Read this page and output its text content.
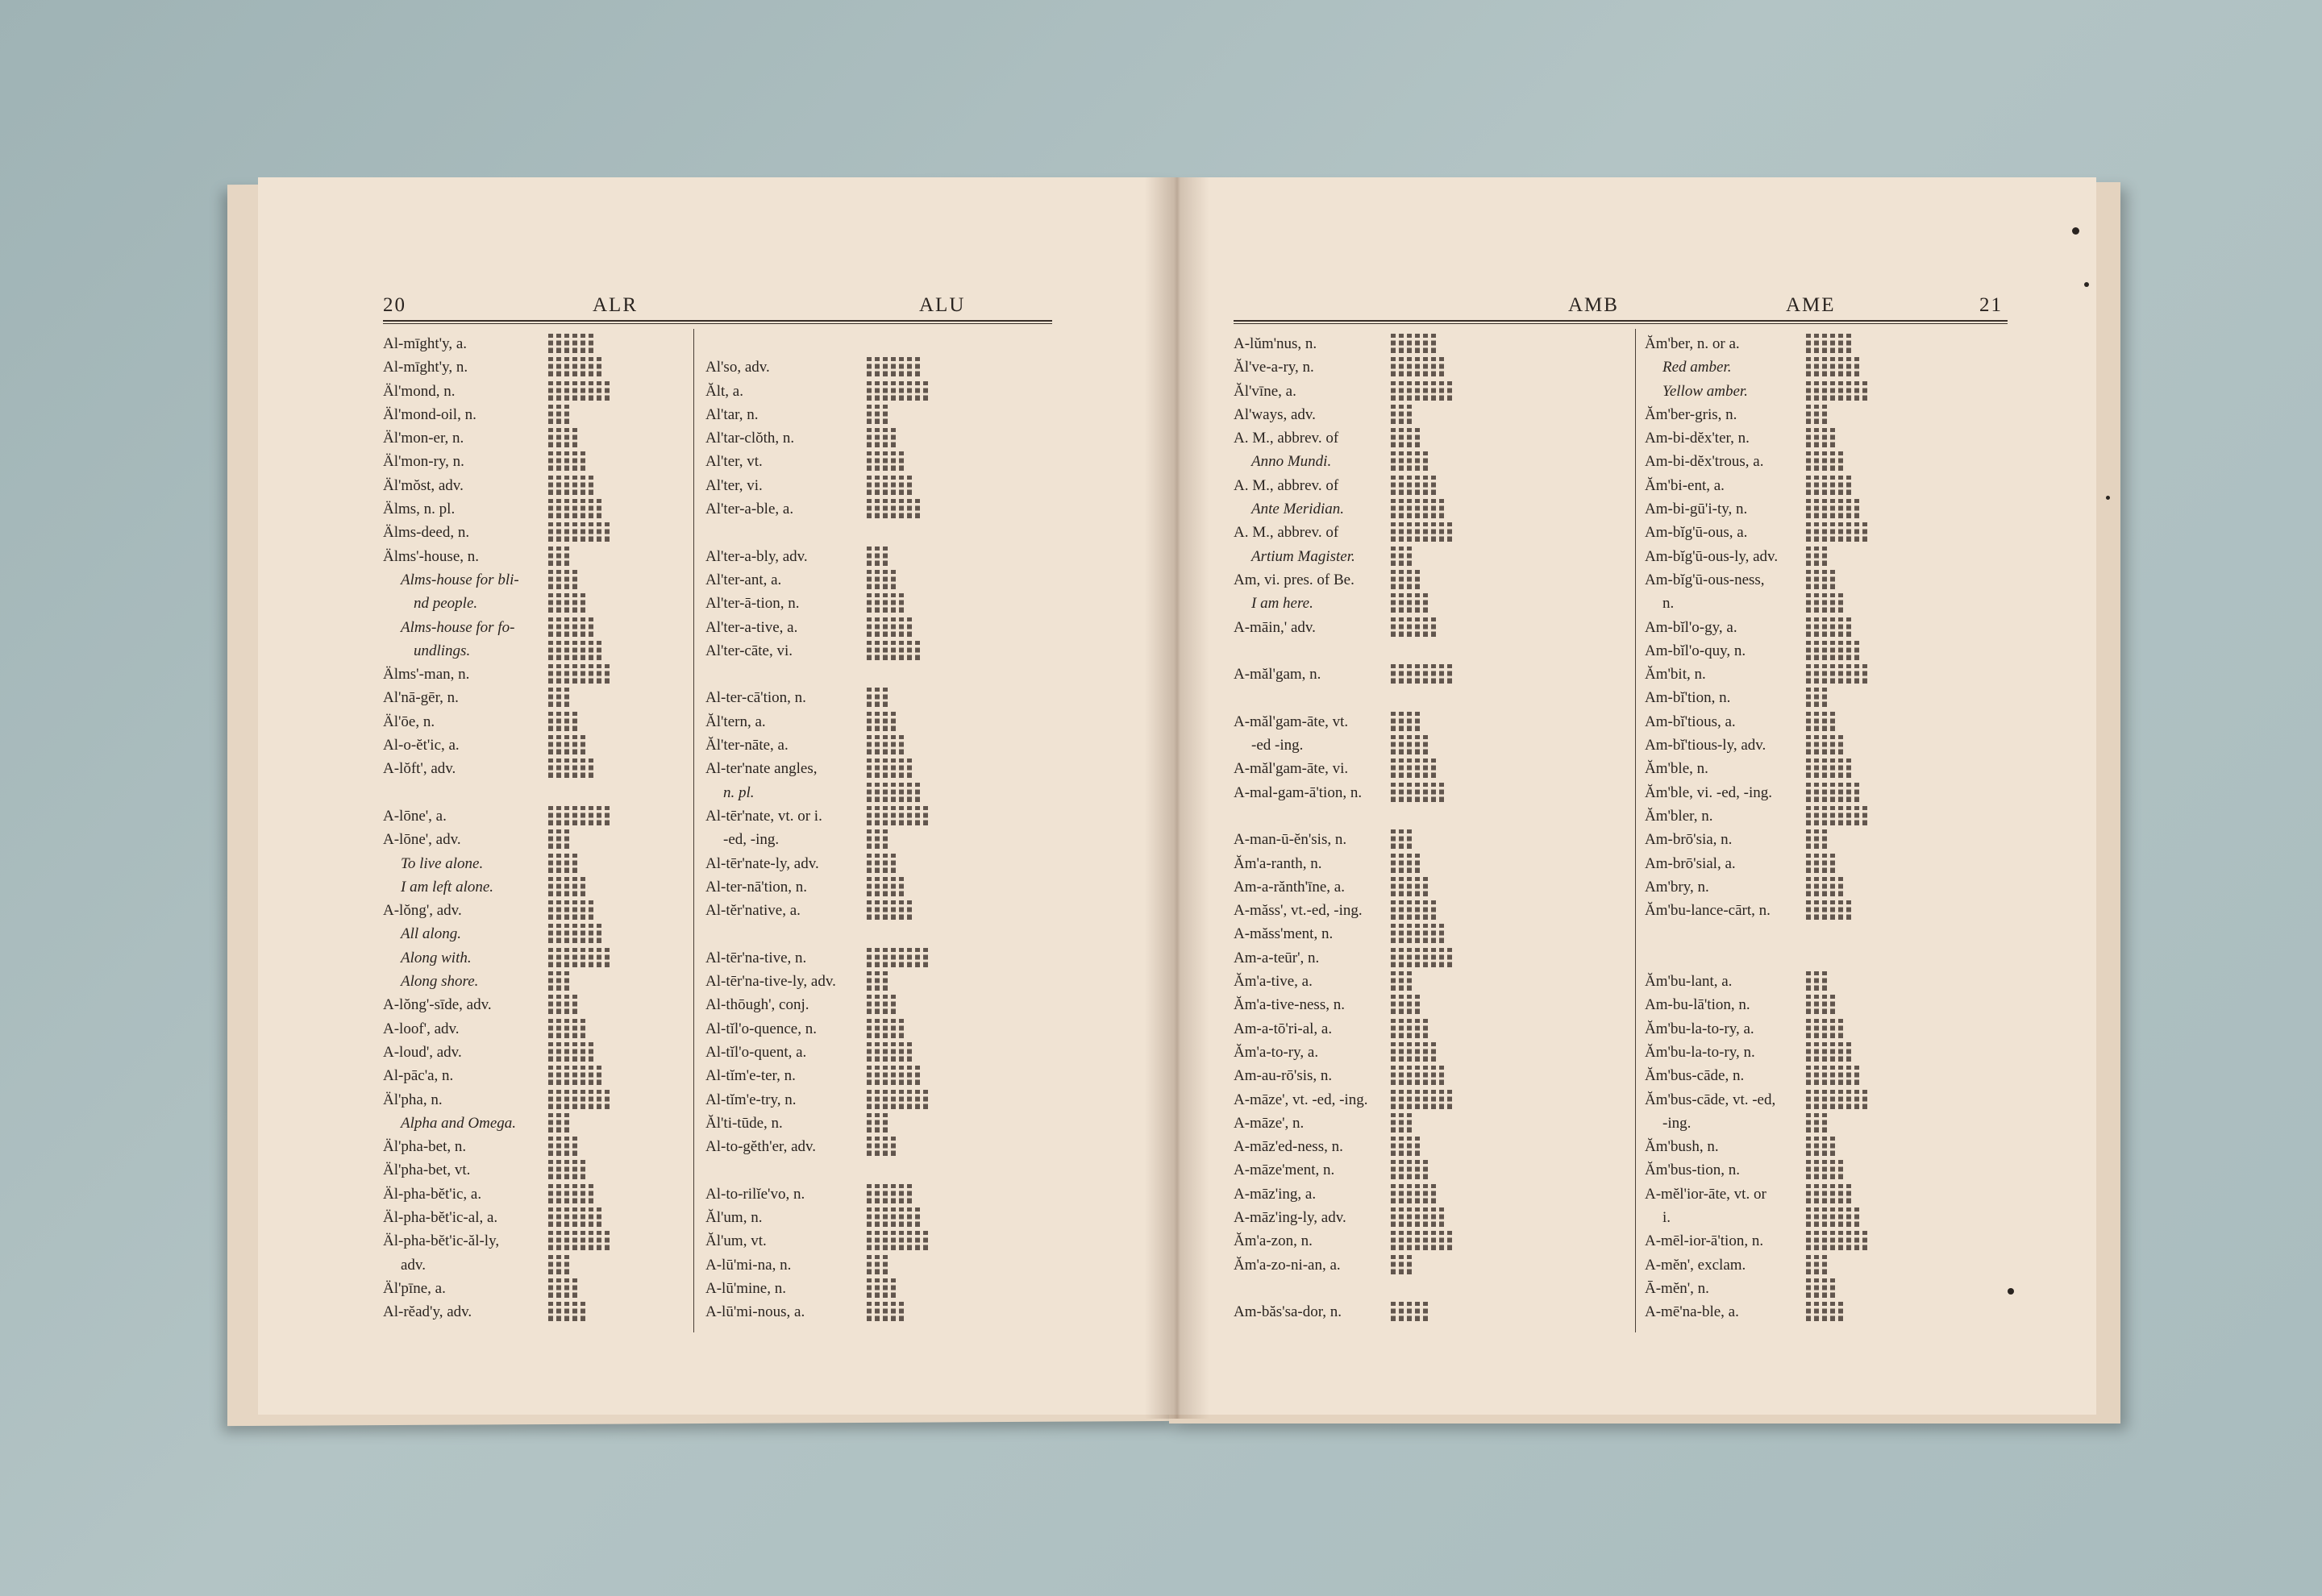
20	ALR	ALU
Al-mīght'y, a.
Al-mīght'y, n.
Äl'mond, n.
Äl'mond-oil, n.
Äl'mon-er, n.
Äl'mon-ry, n.
Äl'mŏst, adv.
Älms, n. pl.
Älms-deed, n.
Älms'-house, n.
Alms-house for bli-
nd people.
Alms-house for fo-
undlings.
Älms'-man, n.
Al'nā-gēr, n.
Äl'ōe, n.
Al-o-ĕt'ic, a.
A-lŏft', adv.
A-lōne', a.
A-lōne', adv.
To live alone.
I am left alone.
A-lŏng', adv.
All along.
Along with.
Along shore.
A-lŏng'-sīde, adv.
A-loof', adv.
A-loud', adv.
Al-pāc'a, n.
Äl'pha, n.
Alpha and Omega.
Äl'pha-bet, n.
Äl'pha-bet, vt.
Äl-pha-bĕt'ic, a.
Äl-pha-bĕt'ic-al, a.
Äl-pha-bĕt'ic-ăl-ly,
adv.
Äl'pīne, a.
Al-rĕad'y, adv.
Al'so, adv.
Ălt, a.
Al'tar, n.
Al'tar-clŏth, n.
Al'ter, vt.
Al'ter, vi.
Al'ter-a-ble, a.
Al'ter-a-bly, adv.
Al'ter-ant, a.
Al'ter-ā-tion, n.
Al'ter-a-tive, a.
Al'ter-cāte, vi.
Al-ter-cā'tion, n.
Ăl'tern, a.
Ăl'ter-nāte, a.
Al-ter'nate angles,
n. pl.
Al-tēr'nate, vt. or i.
-ed, -ing.
Al-tēr'nate-ly, adv.
Al-ter-nā'tion, n.
Al-tĕr'native, a.
Al-tēr'na-tive, n.
Al-tēr'na-tive-ly, adv.
Al-thōugh', conj.
Al-tĭl'o-quence, n.
Al-tĭl'o-quent, a.
Al-tĭm'e-ter, n.
Al-tĭm'e-try, n.
Ăl'ti-tūde, n.
Al-to-gĕth'er, adv.
Al-to-rilĭe'vo, n.
Ăl'um, n.
Ăl'um, vt.
A-lū'mi-na, n.
A-lū'mine, n.
A-lū'mi-nous, a.
AMB	AME	21
A-lŭm'nus, n.
Ăl've-a-ry, n.
Ăl'vīne, a.
Al'ways, adv.
A. M., abbrev. of
Anno Mundi.
A. M., abbrev. of
Ante Meridian.
A. M., abbrev. of
Artium Magister.
Am, vi. pres. of Be.
I am here.
A-māin,' adv.
A-măl'gam, n.
A-măl'gam-āte, vt.
-ed -ing.
A-măl'gam-āte, vi.
A-mal-gam-ā'tion, n.
A-man-ū-ĕn'sis, n.
Ăm'a-ranth, n.
Am-a-rănth'īne, a.
A-măss', vt.-ed, -ing.
A-măss'ment, n.
Am-a-teūr', n.
Ăm'a-tive, a.
Ăm'a-tive-ness, n.
Am-a-tō'ri-al, a.
Ăm'a-to-ry, a.
Am-au-rō'sis, n.
A-māze', vt. -ed, -ing.
A-māze', n.
A-māz'ed-ness, n.
A-māze'ment, n.
A-māz'ing, a.
A-māz'ing-ly, adv.
Ăm'a-zon, n.
Ăm'a-zo-ni-an, a.
Am-băs'sa-dor, n.
Ăm'ber, n. or a.
Red amber.
Yellow amber.
Ăm'ber-gris, n.
Am-bi-dĕx'ter, n.
Am-bi-dĕx'trous, a.
Ăm'bi-ent, a.
Am-bi-gū'i-ty, n.
Am-bĭg'ū-ous, a.
Am-bĭg'ū-ous-ly, adv.
Am-bĭg'ū-ous-ness,
n.
Am-bĭl'o-gy, a.
Am-bĭl'o-quy, n.
Ăm'bit, n.
Am-bĭ'tion, n.
Am-bĭ'tious, a.
Am-bĭ'tious-ly, adv.
Ăm'ble, n.
Ăm'ble, vi. -ed, -ing.
Ăm'bler, n.
Am-brō'sia, n.
Am-brō'sial, a.
Am'bry, n.
Ăm'bu-lance-cārt, n.
Ăm'bu-lant, a.
Am-bu-lā'tion, n.
Ăm'bu-la-to-ry, a.
Ăm'bu-la-to-ry, n.
Ăm'bus-cāde, n.
Ăm'bus-cāde, vt. -ed,
-ing.
Ăm'bush, n.
Ăm'bus-tion, n.
A-mĕl'ior-āte, vt. or
i.
A-mēl-ior-ā'tion, n.
A-mĕn', exclam.
Ā-mĕn', n.
A-mē'na-ble, a.
